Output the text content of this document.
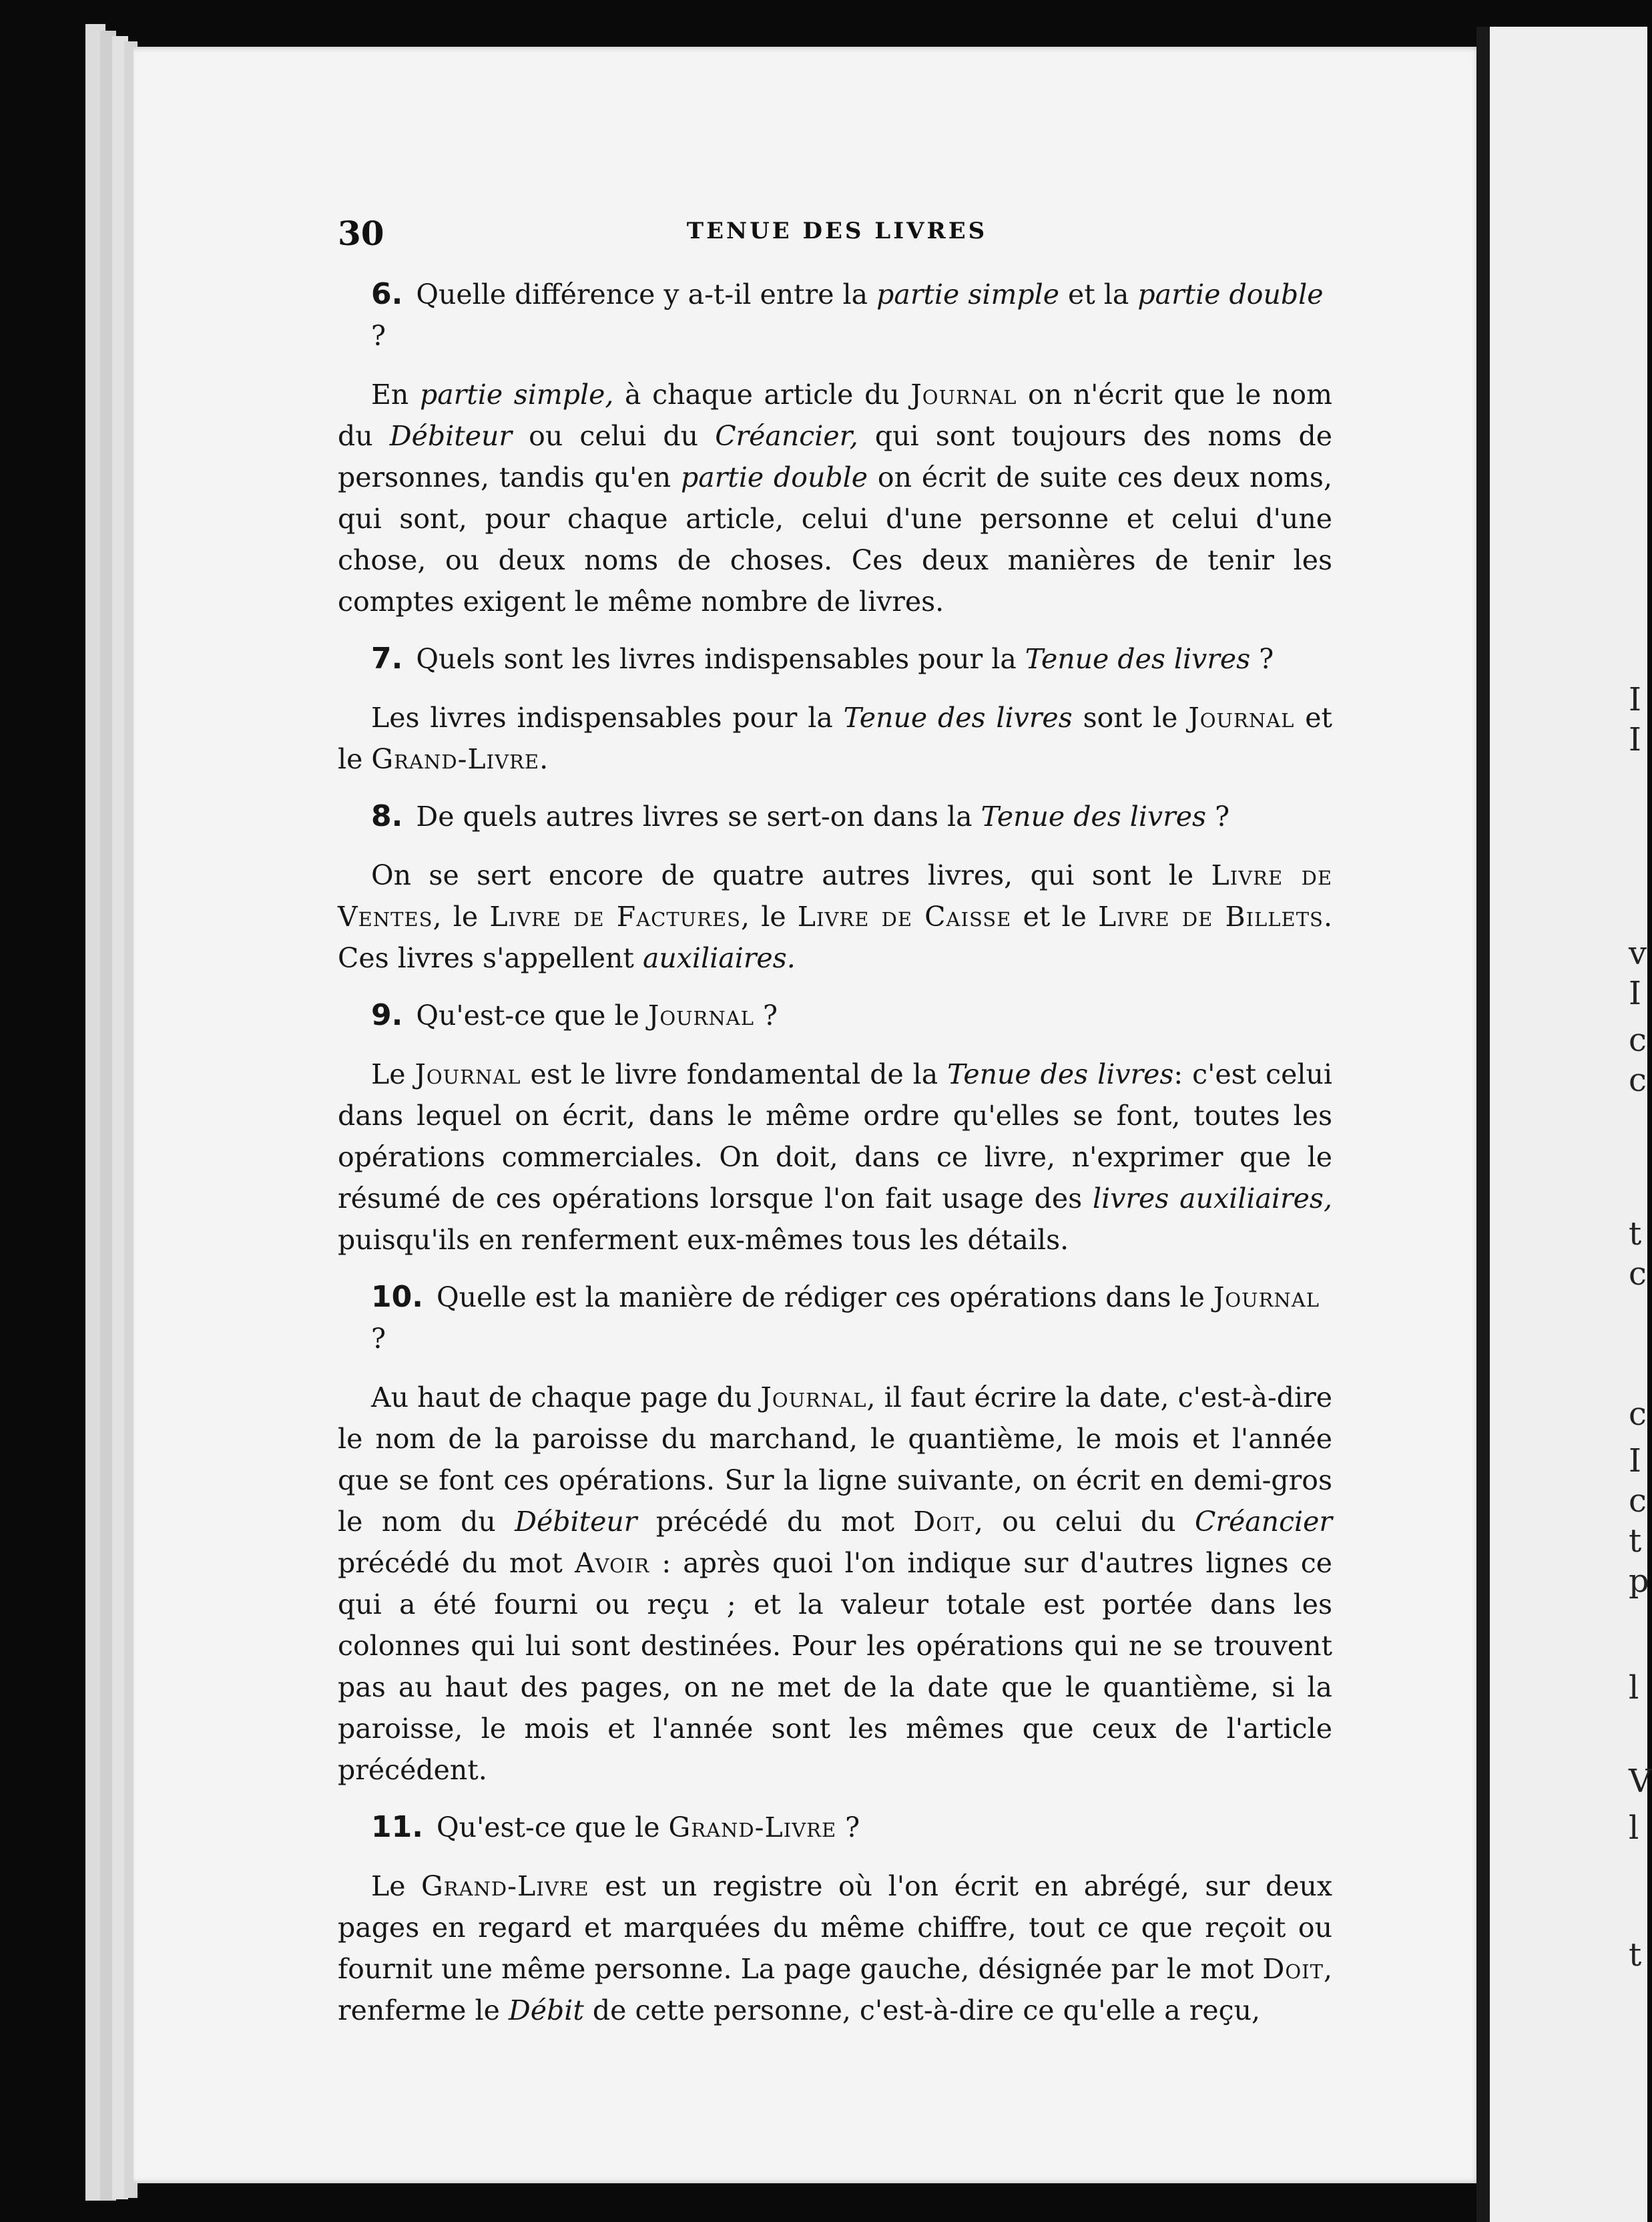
I
I
v
I
c
c
t
c
c
I
c
t
p
l
V
l
t
30	TENUE DES LIVRES
6. Quelle différence y a-t-il entre la partie simple et la partie double ?
En partie simple, à chaque article du Journal on n'écrit que le nom du Débiteur ou celui du Créancier, qui sont toujours des noms de personnes, tandis qu'en partie double on écrit de suite ces deux noms, qui sont, pour chaque article, celui d'une personne et celui d'une chose, ou deux noms de choses. Ces deux manières de tenir les comptes exigent le même nombre de livres.
7. Quels sont les livres indispensables pour la Tenue des livres ?
Les livres indispensables pour la Tenue des livres sont le Journal et le Grand-Livre.
8. De quels autres livres se sert-on dans la Tenue des livres ?
On se sert encore de quatre autres livres, qui sont le Livre de Ventes, le Livre de Factures, le Livre de Caisse et le Livre de Billets. Ces livres s'appellent auxiliaires.
9. Qu'est-ce que le Journal ?
Le Journal est le livre fondamental de la Tenue des livres: c'est celui dans lequel on écrit, dans le même ordre qu'elles se font, toutes les opérations commerciales. On doit, dans ce livre, n'exprimer que le résumé de ces opérations lorsque l'on fait usage des livres auxiliaires, puisqu'ils en renferment eux-mêmes tous les détails.
10. Quelle est la manière de rédiger ces opérations dans le Journal ?
Au haut de chaque page du Journal, il faut écrire la date, c'est-à-dire le nom de la paroisse du marchand, le quantième, le mois et l'année que se font ces opérations. Sur la ligne suivante, on écrit en demi-gros le nom du Débiteur précédé du mot Doit, ou celui du Créancier précédé du mot Avoir : après quoi l'on indique sur d'autres lignes ce qui a été fourni ou reçu ; et la valeur totale est portée dans les colonnes qui lui sont destinées. Pour les opérations qui ne se trouvent pas au haut des pages, on ne met de la date que le quantième, si la paroisse, le mois et l'année sont les mêmes que ceux de l'article précédent.
11. Qu'est-ce que le Grand-Livre ?
Le Grand-Livre est un registre où l'on écrit en abrégé, sur deux pages en regard et marquées du même chiffre, tout ce que reçoit ou fournit une même personne. La page gauche, désignée par le mot Doit, renferme le Débit de cette personne, c'est-à-dire ce qu'elle a reçu,
